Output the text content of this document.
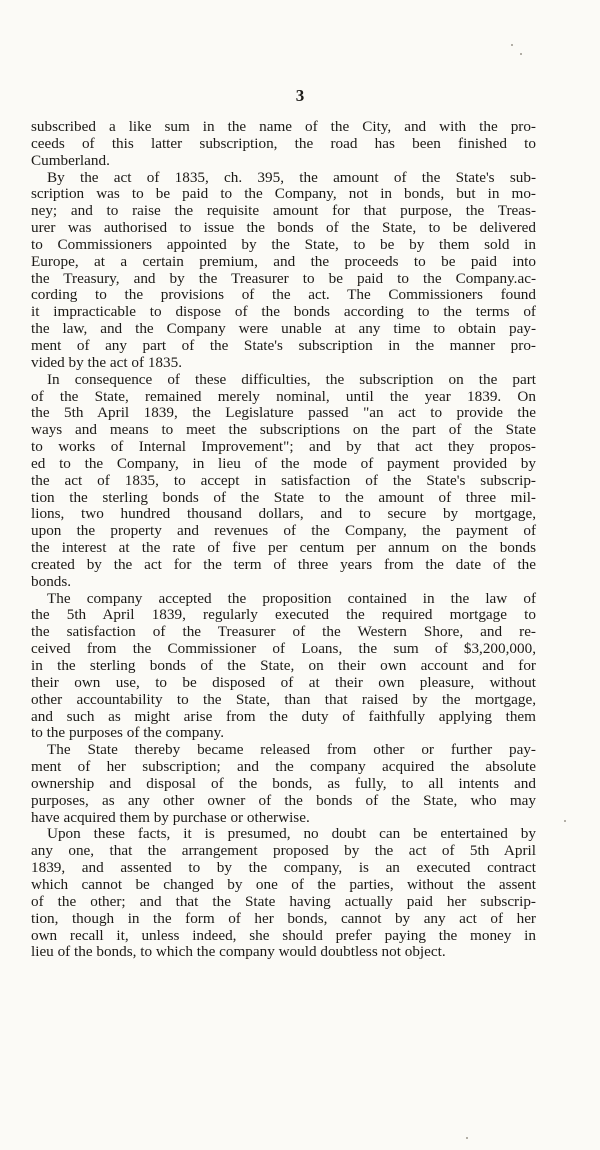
3
subscribed a like sum in the name of the City, and with the pro-
ceeds of this latter subscription, the road has been finished to
Cumberland.
By the act of 1835, ch. 395, the amount of the State's sub-
scription was to be paid to the Company, not in bonds, but in mo-
ney; and to raise the requisite amount for that purpose, the Treas-
urer was authorised to issue the bonds of the State, to be delivered
to Commissioners appointed by the State, to be by them sold in
Europe, at a certain premium, and the proceeds to be paid into
the Treasury, and by the Treasurer to be paid to the Company.ac-
cording to the provisions of the act. The Commissioners found
it impracticable to dispose of the bonds according to the terms of
the law, and the Company were unable at any time to obtain pay-
ment of any part of the State's subscription in the manner pro-
vided by the act of 1835.
In consequence of these difficulties, the subscription on the part
of the State, remained merely nominal, until the year 1839. On
the 5th April 1839, the Legislature passed "an act to provide the
ways and means to meet the subscriptions on the part of the State
to works of Internal Improvement"; and by that act they propos-
ed to the Company, in lieu of the mode of payment provided by
the act of 1835, to accept in satisfaction of the State's subscrip-
tion the sterling bonds of the State to the amount of three mil-
lions, two hundred thousand dollars, and to secure by mortgage,
upon the property and revenues of the Company, the payment of
the interest at the rate of five per centum per annum on the bonds
created by the act for the term of three years from the date of the
bonds.
The company accepted the proposition contained in the law of
the 5th April 1839, regularly executed the required mortgage to
the satisfaction of the Treasurer of the Western Shore, and re-
ceived from the Commissioner of Loans, the sum of $3,200,000,
in the sterling bonds of the State, on their own account and for
their own use, to be disposed of at their own pleasure, without
other accountability to the State, than that raised by the mortgage,
and such as might arise from the duty of faithfully applying them
to the purposes of the company.
The State thereby became released from other or further pay-
ment of her subscription; and the company acquired the absolute
ownership and disposal of the bonds, as fully, to all intents and
purposes, as any other owner of the bonds of the State, who may
have acquired them by purchase or otherwise.
Upon these facts, it is presumed, no doubt can be entertained by
any one, that the arrangement proposed by the act of 5th April
1839, and assented to by the company, is an executed contract
which cannot be changed by one of the parties, without the assent
of the other; and that the State having actually paid her subscrip-
tion, though in the form of her bonds, cannot by any act of her
own recall it, unless indeed, she should prefer paying the money in
lieu of the bonds, to which the company would doubtless not object.
